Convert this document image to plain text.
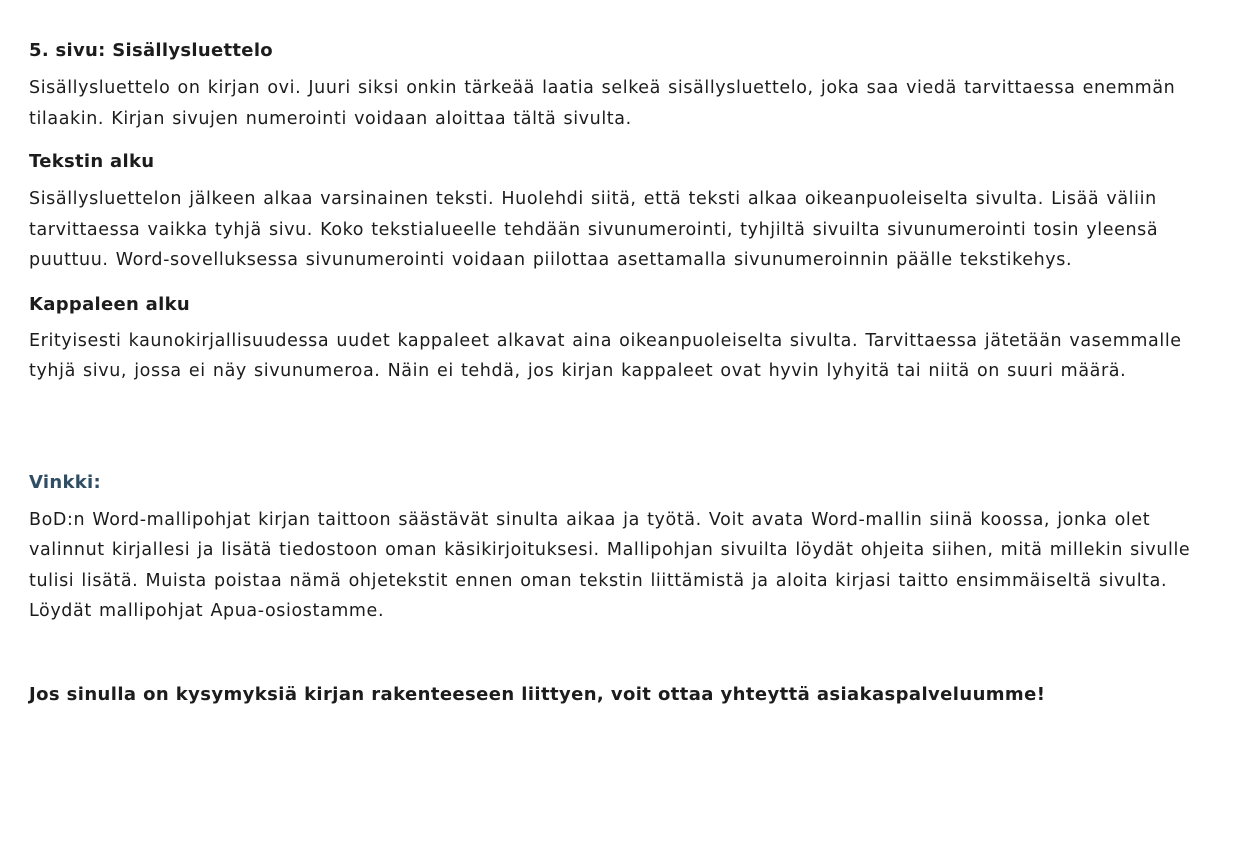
5. sivu: Sisällysluettelo

Sisällysluettelo on kirjan ovi. Juuri siksi onkin tärkeää laatia selkeä sisällysluettelo, joka saa viedä tarvittaessa enemmän tilaakin. Kirjan sivujen numerointi voidaan aloittaa tältä sivulta.

Tekstin alku

Sisällysluettelon jälkeen alkaa varsinainen teksti. Huolehdi siitä, että teksti alkaa oikeanpuoleiselta sivulta. Lisää väliin tarvittaessa vaikka tyhjä sivu. Koko tekstialueelle tehdään sivunumerointi, tyhjiltä sivuilta sivunumerointi tosin yleensä puuttuu. Word-sovelluksessa sivunumerointi voidaan piilottaa asettamalla sivunumeroinnin päälle tekstikehys.

Kappaleen alku

Erityisesti kaunokirjallisuudessa uudet kappaleet alkavat aina oikeanpuoleiselta sivulta. Tarvittaessa jätetään vasemmalle tyhjä sivu, jossa ei näy sivunumeroa. Näin ei tehdä, jos kirjan kappaleet ovat hyvin lyhyitä tai niitä on suuri määrä.

Vinkki:

BoD:n Word-mallipohjat kirjan taittoon säästävät sinulta aikaa ja työtä. Voit avata Word-mallin siinä koossa, jonka olet valinnut kirjallesi ja lisätä tiedostoon oman käsikirjoituksesi. Mallipohjan sivuilta löydät ohjeita siihen, mitä millekin sivulle tulisi lisätä. Muista poistaa nämä ohjetekstit ennen oman tekstin liittämistä ja aloita kirjasi taitto ensimmäiseltä sivulta. Löydät mallipohjat Apua-osiostamme.

Jos sinulla on kysymyksiä kirjan rakenteeseen liittyen, voit ottaa yhteyttä asiakaspalveluumme!
